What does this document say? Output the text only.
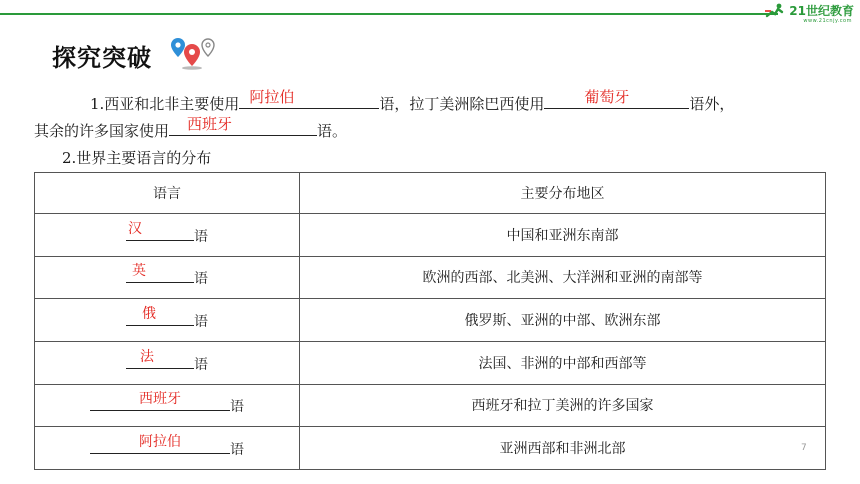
21世纪教育
www.21cnjy.com
探究突破
1.西亚和北非主要使用 阿拉伯	语，拉丁美洲除巴西使用	葡萄牙	语外，
其余的许多国家使用 西班牙	语。
2.世界主要语言的分布
语言	主要分布地区

汉 语	中国和亚洲东南部

英 语	欧洲的西部、北美洲、大洋洲和亚洲的南部等

俄 语	俄罗斯、亚洲的中部、欧洲东部

法 语	法国、非洲的中部和西部等

西班牙 语	西班牙和拉丁美洲的许多国家

阿拉伯 语	亚洲西部和非洲北部	7
